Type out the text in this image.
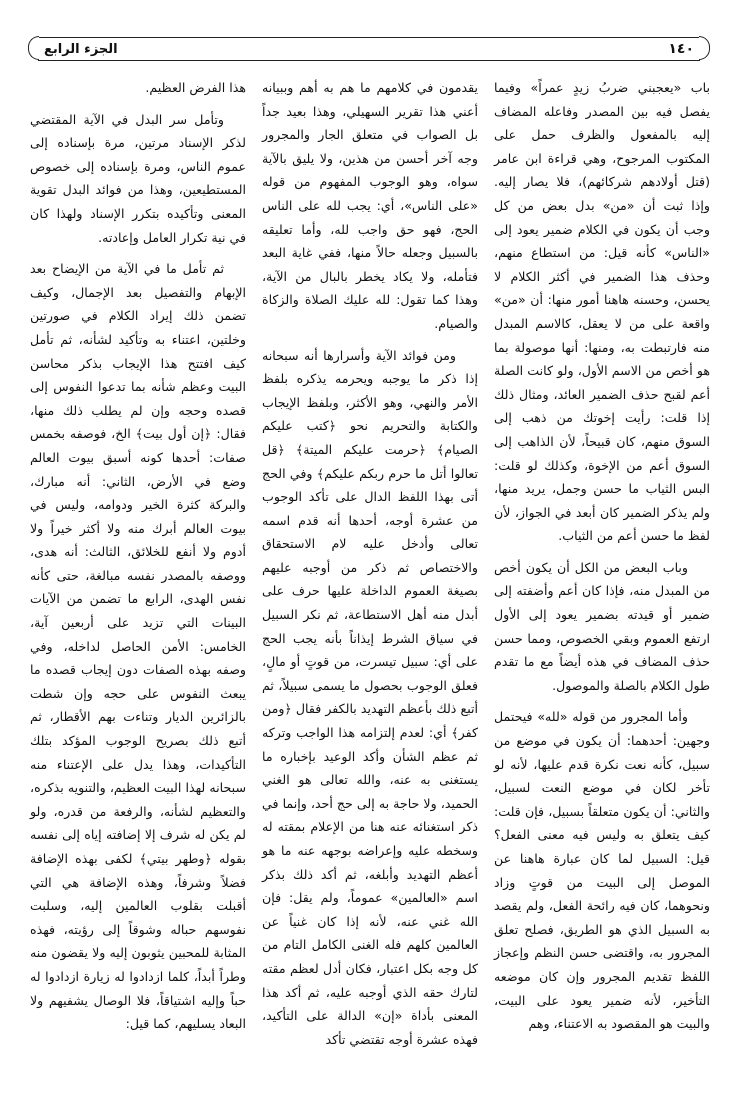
١٤٠
الجزء الرابع

باب «يعجبني ضربُ زيدٍ عمراً» وفيما يفصل فيه بين المصدر وفاعله المضاف إليه بالمفعول والظرف حمل على المكتوب المرجوح، وهي قراءة ابن عامر (قتل أولادهم شركائهم)، فلا يصار إليه. وإذا ثبت أن «من» بدل بعض من كل وجب أن يكون في الكلام ضمير يعود إلى «الناس» كأنه قيل: من استطاع منهم، وحذف هذا الضمير في أكثر الكلام لا يحسن، وحسنه هاهنا أمور منها: أن «من» واقعة على من لا يعقل، كالاسم المبدل منه فارتبطت به، ومنها: أنها موصولة بما هو أخص من الاسم الأول، ولو كانت الصلة أعم لقبح حذف الضمير العائد، ومثال ذلك إذا قلت: رأيت إخوتك من ذهب إلى السوق منهم، كان قبيحاً، لأن الذاهب إلى السوق أعم من الإخوة، وكذلك لو قلت: البس الثياب ما حسن وجمل، يريد منها، ولم يذكر الضمير كان أبعد في الجواز، لأن لفظ ما حسن أعم من الثياب.

وباب البعض من الكل أن يكون أخص من المبدل منه، فإذا كان أعم وأضفته إلى ضمير أو قيدته بضمير يعود إلى الأول ارتفع العموم وبقي الخصوص، ومما حسن حذف المضاف في هذه أيضاً مع ما تقدم طول الكلام بالصلة والموصول.

وأما المجرور من قوله «لله» فيحتمل وجهين: أحدهما: أن يكون في موضع من سبيل، كأنه نعت نكرة قدم عليها، لأنه لو تأخر لكان في موضع النعت لسبيل، والثاني: أن يكون متعلقاً بسبيل، فإن قلت: كيف يتعلق به وليس فيه معنى الفعل؟ قيل: السبيل لما كان عبارة هاهنا عن الموصل إلى البيت من قوتٍ وزاد ونحوهما، كان فيه رائحة الفعل، ولم يقصد به السبيل الذي هو الطريق، فصلح تعلق المجرور به، واقتضى حسن النظم وإعجاز اللفظ تقديم المجرور وإن كان موضعه التأخير، لأنه ضمير يعود على البيت، والبيت هو المقصود به الاعتناء، وهم

يقدمون في كلامهم ما هم به أهم وببيانه أعني هذا تقرير السهيلي، وهذا بعيد جداً بل الصواب في متعلق الجار والمجرور وجه آخر أحسن من هذين، ولا يليق بالآية سواه، وهو الوجوب المفهوم من قوله «على الناس»، أي: يجب لله على الناس الحج، فهو حق واجب لله، وأما تعليقه بالسبيل وجعله حالاً منها، ففي غاية البعد فتأمله، ولا يكاد يخطر بالبال من الآية، وهذا كما تقول: لله عليك الصلاة والزكاة والصيام.

ومن فوائد الآية وأسرارها أنه سبحانه إذا ذكر ما يوجبه ويحرمه يذكره بلفظ الأمر والنهي، وهو الأكثر، وبلفظ الإيجاب والكتابة والتحريم نحو ﴿كتب عليكم الصيام﴾ ﴿حرمت عليكم الميتة﴾ ﴿قل تعالوا أتل ما حرم ربكم عليكم﴾ وفي الحج أتى بهذا اللفظ الدال على تأكد الوجوب من عشرة أوجه، أحدها أنه قدم اسمه تعالى وأدخل عليه لام الاستحقاق والاختصاص ثم ذكر من أوجبه عليهم بصيغة العموم الداخلة عليها حرف على أبدل منه أهل الاستطاعة، ثم نكر السبيل في سياق الشرط إيذاناً بأنه يجب الحج على أي: سبيل تيسرت، من قوتٍ أو مالٍ، فعلق الوجوب بحصول ما يسمى سبيلاً، ثم أتبع ذلك بأعظم التهديد بالكفر فقال ﴿ومن كفر﴾ أي: لعدم إلتزامه هذا الواجب وتركه ثم عظم الشأن وأكد الوعيد بإخباره ما يستغنى به عنه، والله تعالى هو الغني الحميد، ولا حاجة به إلى حج أحد، وإنما في ذكر استغنائه عنه هنا من الإعلام بمقته له وسخطه عليه وإعراضه بوجهه عنه ما هو أعظم التهديد وأبلغه، ثم أكد ذلك بذكر اسم «العالمين» عموماً، ولم يقل: فإن الله غني عنه، لأنه إذا كان غنياً عن العالمين كلهم فله الغنى الكامل التام من كل وجه بكل اعتبار، فكان أدل لعظم مقته لتارك حقه الذي أوجبه عليه، ثم أكد هذا المعنى بأداة «إن» الدالة على التأكيد، فهذه عشرة أوجه تقتضي تأكد

هذا الفرض العظيم.

وتأمل سر البدل في الآية المقتضي لذكر الإسناد مرتين، مرة بإسناده إلى عموم الناس، ومرة بإسناده إلى خصوص المستطيعين، وهذا من فوائد البدل تقوية المعنى وتأكيده بتكرر الإسناد ولهذا كان في نية تكرار العامل وإعادته.

ثم تأمل ما في الآية من الإيضاح بعد الإبهام والتفصيل بعد الإجمال، وكيف تضمن ذلك إيراد الكلام في صورتين وخلتين، اعتناء به وتأكيد لشأنه، ثم تأمل كيف افتتح هذا الإيجاب بذكر محاسن البيت وعظم شأنه بما تدعوا النفوس إلى قصده وحجه وإن لم يطلب ذلك منها، فقال: ﴿إن أول بيت﴾ الخ، فوصفه بخمس صفات: أحدها كونه أسبق بيوت العالم وضع في الأرض، الثاني: أنه مبارك، والبركة كثرة الخير ودوامه، وليس في بيوت العالم أبرك منه ولا أكثر خيراً ولا أدوم ولا أنفع للخلائق، الثالث: أنه هدى، ووصفه بالمصدر نفسه مبالغة، حتى كأنه نفس الهدى، الرابع ما تضمن من الآيات البينات التي تزيد على أربعين آية، الخامس: الأمن الحاصل لداخله، وفي وصفه بهذه الصفات دون إيجاب قصده ما يبعث النفوس على حجه وإن شطت بالزائرين الديار وتناءت بهم الأقطار، ثم أتبع ذلك بصريح الوجوب المؤكد بتلك التأكيدات، وهذا يدل على الإعتناء منه سبحانه لهذا البيت العظيم، والتنويه بذكره، والتعظيم لشأنه، والرفعة من قدره، ولو لم يكن له شرف إلا إضافته إياه إلى نفسه بقوله ﴿وطهر بيتي﴾ لكفى بهذه الإضافة فضلاً وشرفاً، وهذه الإضافة هي التي أقبلت بقلوب العالمين إليه، وسلبت نفوسهم حباله وشوقاً إلى رؤيته، فهذه المثابة للمحبين يثوبون إليه ولا يقضون منه وطراً أبداً، كلما ازدادوا له زيارة ازدادوا له حباً وإليه اشتياقاً، فلا الوصال يشفيهم ولا البعاد يسليهم، كما قيل:
